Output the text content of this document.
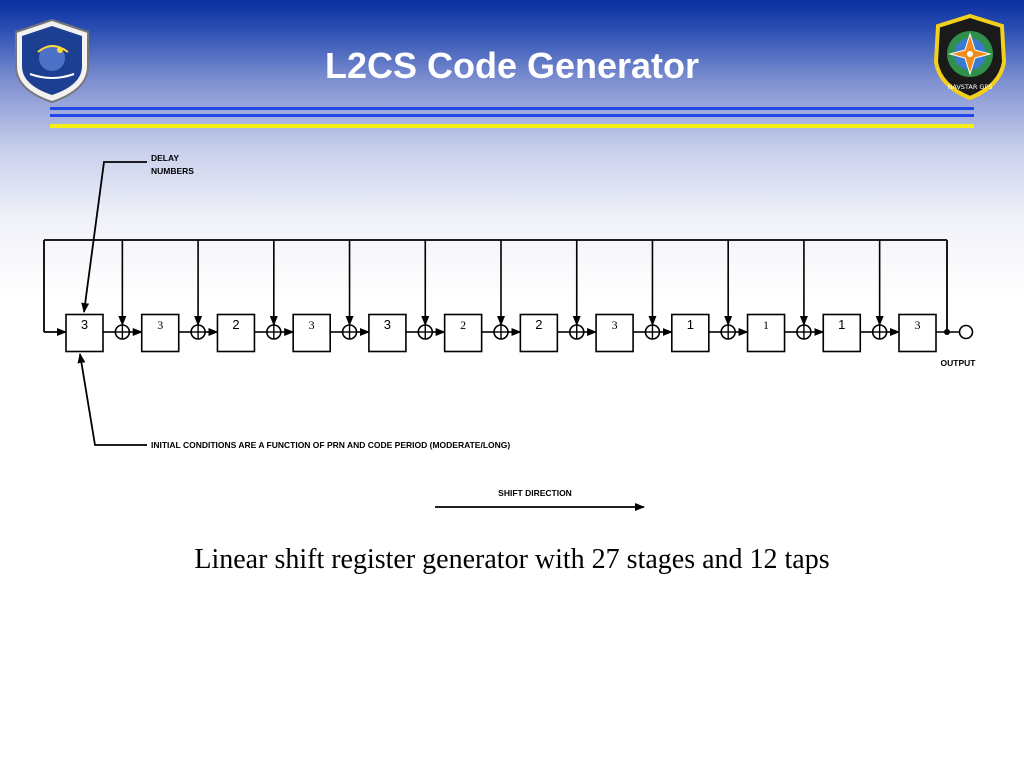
L2CS Code Generator
NAVSTAR GPS
DELAY
NUMBERS
INITIAL CONDITIONS ARE A FUNCTION OF PRN AND CODE PERIOD (MODERATE/LONG)
SHIFT DIRECTION
OUTPUT
3	3	2	3	3	2	2	3	1	1	1	3
Linear shift register generator with 27 stages and 12 taps
